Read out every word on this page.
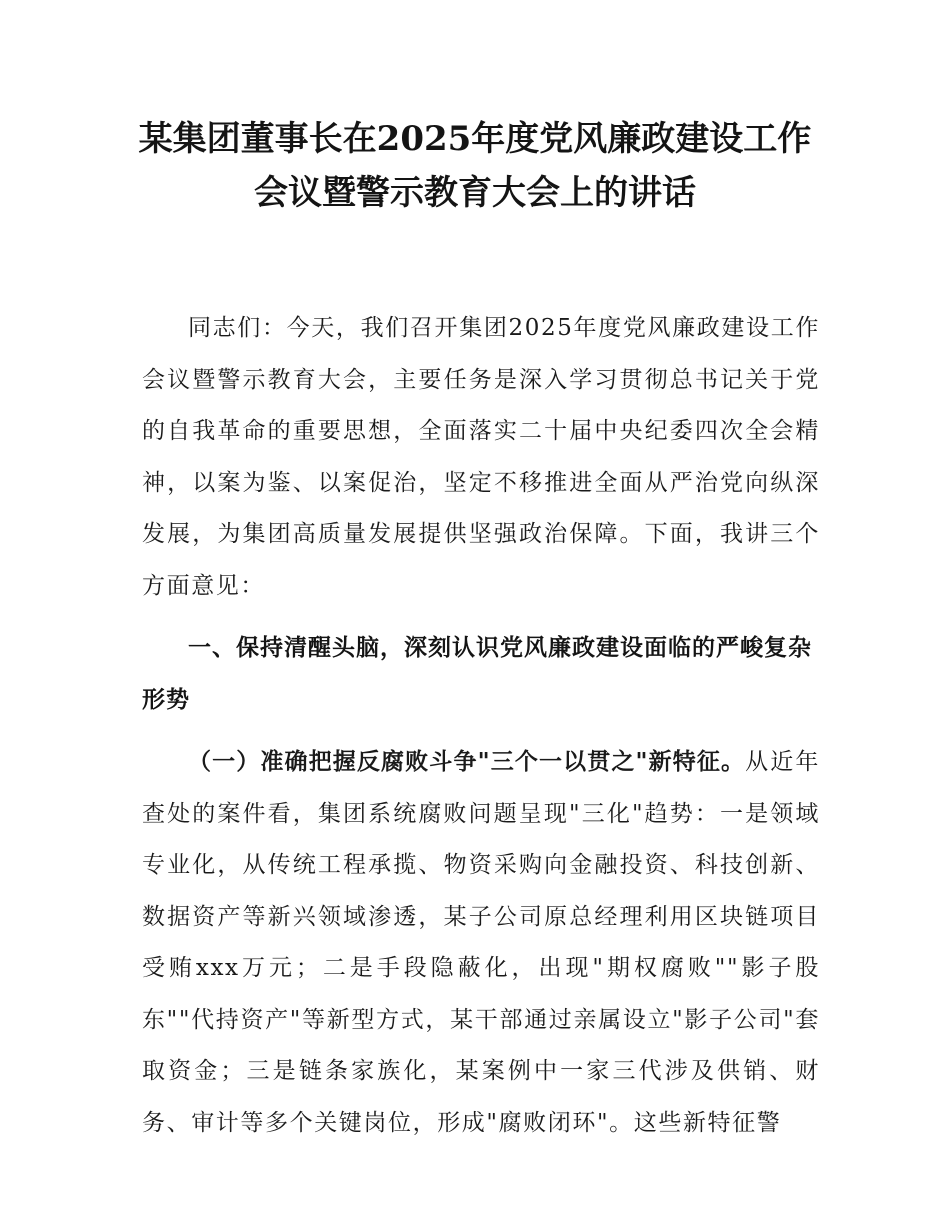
某集团董事长在2025年度党风廉政建设工作
会议暨警示教育大会上的讲话

同志们：今天，我们召开集团2025年度党风廉政建设工作会议暨警示教育大会，主要任务是深入学习贯彻总书记关于党的自我革命的重要思想，全面落实二十届中央纪委四次全会精神，以案为鉴、以案促治，坚定不移推进全面从严治党向纵深发展，为集团高质量发展提供坚强政治保障。下面，我讲三个方面意见：

一、保持清醒头脑，深刻认识党风廉政建设面临的严峻复杂形势

（一）准确把握反腐败斗争"三个一以贯之"新特征。从近年查处的案件看，集团系统腐败问题呈现"三化"趋势：一是领域专业化，从传统工程承揽、物资采购向金融投资、科技创新、数据资产等新兴领域渗透，某子公司原总经理利用区块链项目受贿xxx万元；二是手段隐蔽化，出现"期权腐败""影子股东""代持资产"等新型方式，某干部通过亲属设立"影子公司"套取资金；三是链条家族化，某案例中一家三代涉及供销、财务、审计等多个关键岗位，形成"腐败闭环"。这些新特征警
